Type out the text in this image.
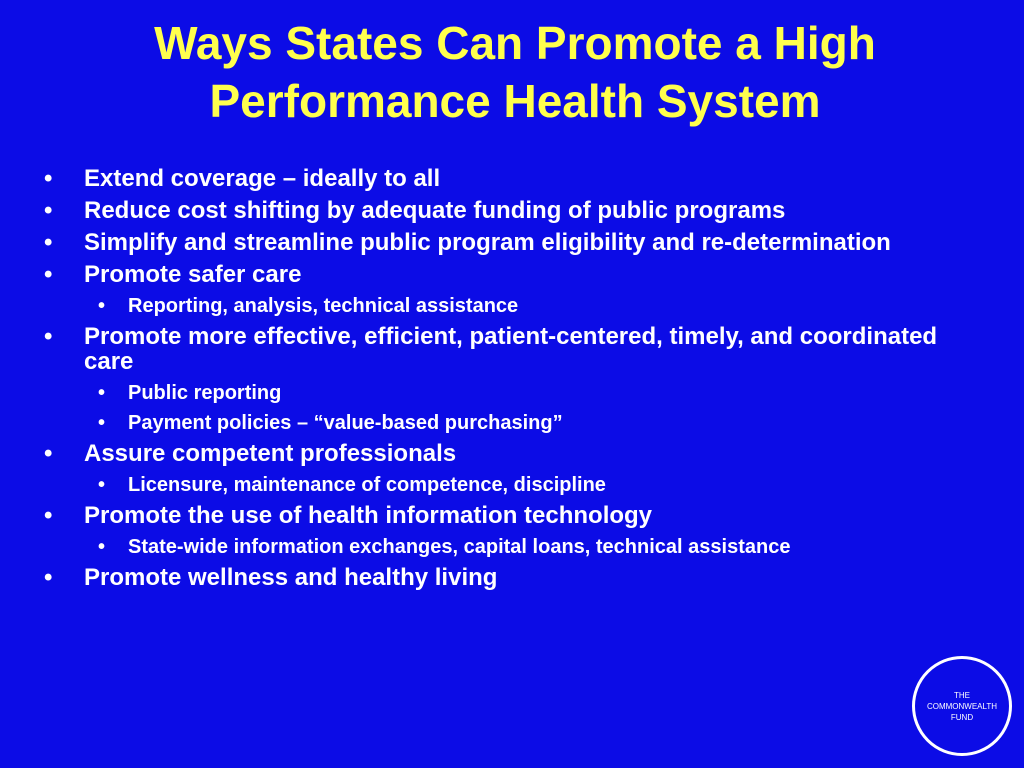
Ways States Can Promote a High
Performance Health System
• Extend coverage – ideally to all
• Reduce cost shifting by adequate funding of public programs
• Simplify and streamline public program eligibility and re-determination
• Promote safer care
• Reporting, analysis, technical assistance
• Promote more effective, efficient, patient-centered, timely, and coordinated care
• Public reporting
• Payment policies – “value-based purchasing”
• Assure competent professionals
• Licensure, maintenance of competence, discipline
• Promote the use of health information technology
• State-wide information exchanges, capital loans, technical assistance
• Promote wellness and healthy living
THE
COMMONWEALTH
FUND
